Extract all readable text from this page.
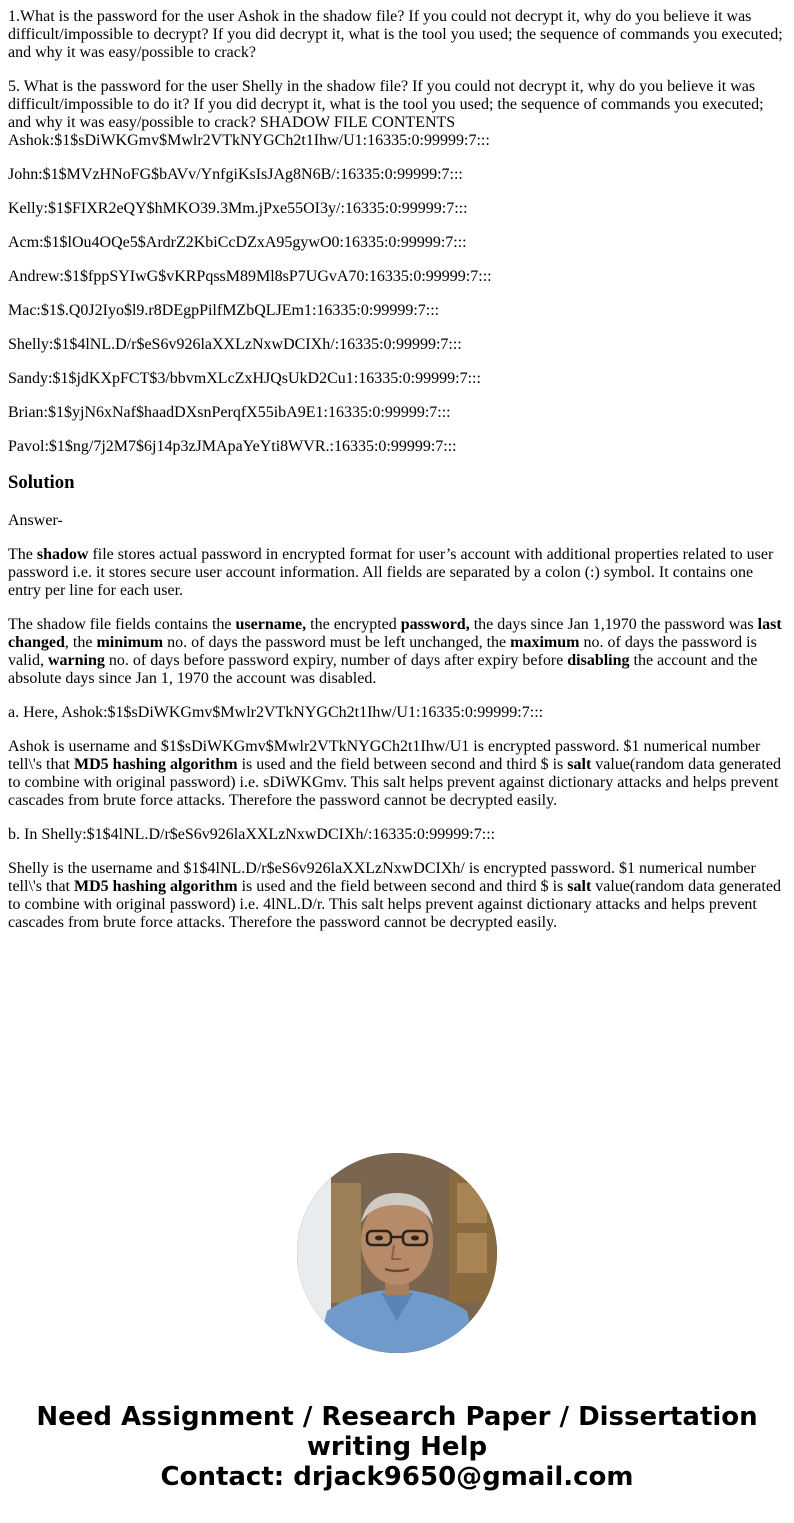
1.What is the password for the user Ashok in the shadow file? If you could not decrypt it, why do you believe it was difficult/impossible to decrypt? If you did decrypt it, what is the tool you used; the sequence of commands you executed; and why it was easy/possible to crack?

5. What is the password for the user Shelly in the shadow file? If you could not decrypt it, why do you believe it was difficult/impossible to do it? If you did decrypt it, what is the tool you used; the sequence of commands you executed; and why it was easy/possible to crack? SHADOW FILE CONTENTS

Ashok:$1$sDiWKGmv$Mwlr2VTkNYGCh2t1Ihw/U1:16335:0:99999:7:::

John:$1$MVzHNoFG$bAVv/YnfgiKsIsJAg8N6B/:16335:0:99999:7:::

Kelly:$1$FIXR2eQY$hMKO39.3Mm.jPxe55OI3y/:16335:0:99999:7:::

Acm:$1$lOu4OQe5$ArdrZ2KbiCcDZxA95gywO0:16335:0:99999:7:::

Andrew:$1$fppSYIwG$vKRPqssM89Ml8sP7UGvA70:16335:0:99999:7:::

Mac:$1$.Q0J2Iyo$l9.r8DEgpPilfMZbQLJEm1:16335:0:99999:7:::

Shelly:$1$4lNL.D/r$eS6v926laXXLzNxwDCIXh/:16335:0:99999:7:::

Sandy:$1$jdKXpFCT$3/bbvmXLcZxHJQsUkD2Cu1:16335:0:99999:7:::

Brian:$1$yjN6xNaf$haadDXsnPerqfX55ibA9E1:16335:0:99999:7:::

Pavol:$1$ng/7j2M7$6j14p3zJMApaYeYti8WVR.:16335:0:99999:7:::

Solution

Answer-

The shadow file stores actual password in encrypted format for user’s account with additional properties related to user password i.e. it stores secure user account information. All fields are separated by a colon (:) symbol. It contains one entry per line for each user.

The shadow file fields contains the username, the encrypted password, the days since Jan 1,1970 the password was last changed, the minimum no. of days the password must be left unchanged, the maximum no. of days the password is valid, warning no. of days before password expiry, number of days after expiry before disabling the account and the absolute days since Jan 1, 1970 the account was disabled.

a. Here, Ashok:$1$sDiWKGmv$Mwlr2VTkNYGCh2t1Ihw/U1:16335:0:99999:7:::

Ashok is username and $1$sDiWKGmv$Mwlr2VTkNYGCh2t1Ihw/U1 is encrypted password. $1 numerical number tell\'s that MD5 hashing algorithm is used and the field between second and third $ is salt value(random data generated to combine with original password) i.e. sDiWKGmv. This salt helps prevent against dictionary attacks and helps prevent cascades from brute force attacks. Therefore the password cannot be decrypted easily.

b. In Shelly:$1$4lNL.D/r$eS6v926laXXLzNxwDCIXh/:16335:0:99999:7:::

Shelly is the username and $1$4lNL.D/r$eS6v926laXXLzNxwDCIXh/ is encrypted password. $1 numerical number tell\'s that MD5 hashing algorithm is used and the field between second and third $ is salt value(random data generated to combine with original password) i.e. 4lNL.D/r. This salt helps prevent against dictionary attacks and helps prevent cascades from brute force attacks. Therefore the password cannot be decrypted easily.

Need Assignment / Research Paper / Dissertation
writing Help
Contact: drjack9650@gmail.com
